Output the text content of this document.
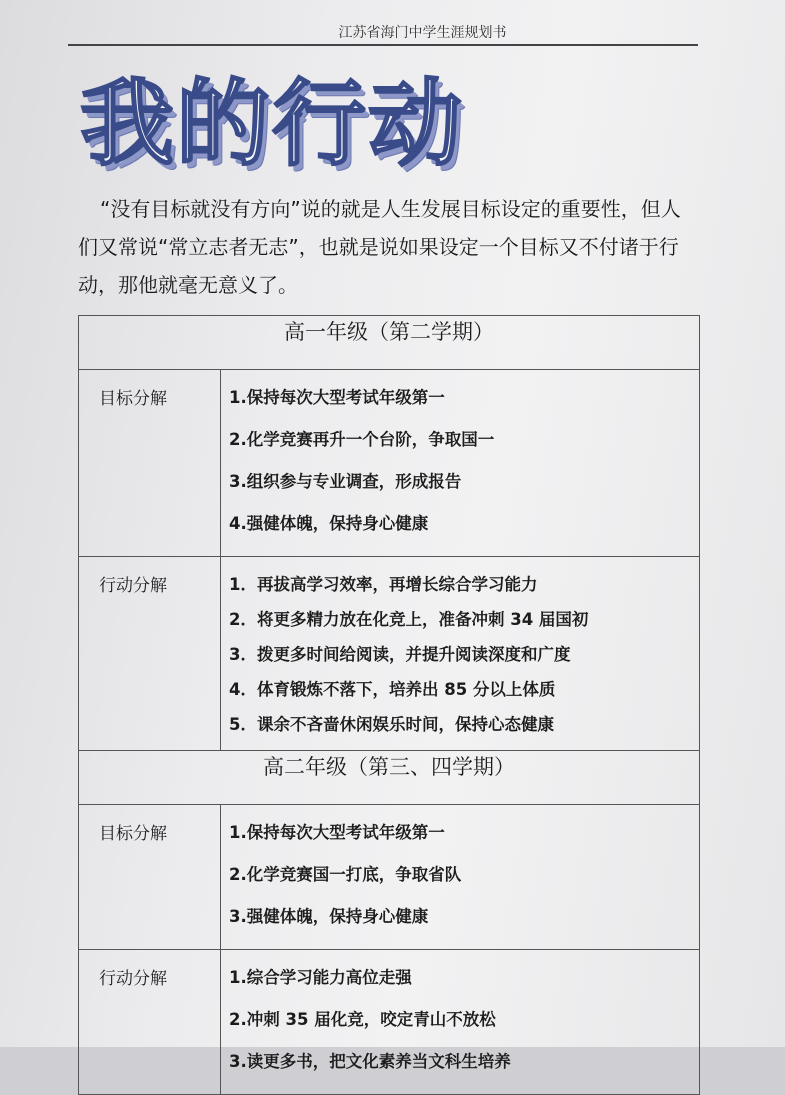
江苏省海门中学生涯规划书
我的行动

“没有目标就没有方向”说的就是人生发展目标设定的重要性，但人们又常说“常立志者无志”，也就是说如果设定一个目标又不付诸于行动，那他就毫无意义了。

高一年级（第二学期）	
目标分解	1.保持每次大型考试年级第一
2.化学竞赛再升一个台阶，争取国一
3.组织参与专业调查，形成报告
4.强健体魄，保持身心健康

行动分解	1．再拔高学习效率，再增长综合学习能力
2．将更多精力放在化竞上，准备冲刺 34 届国初
3．拨更多时间给阅读，并提升阅读深度和广度
4．体育锻炼不落下，培养出 85 分以上体质
5．课余不吝啬休闲娱乐时间，保持心态健康

高二年级（第三、四学期）	
目标分解	1.保持每次大型考试年级第一
2.化学竞赛国一打底，争取省队
3.强健体魄，保持身心健康

行动分解	1.综合学习能力高位走强
2.冲刺 35 届化竞，咬定青山不放松
3.读更多书，把文化素养当文科生培养
